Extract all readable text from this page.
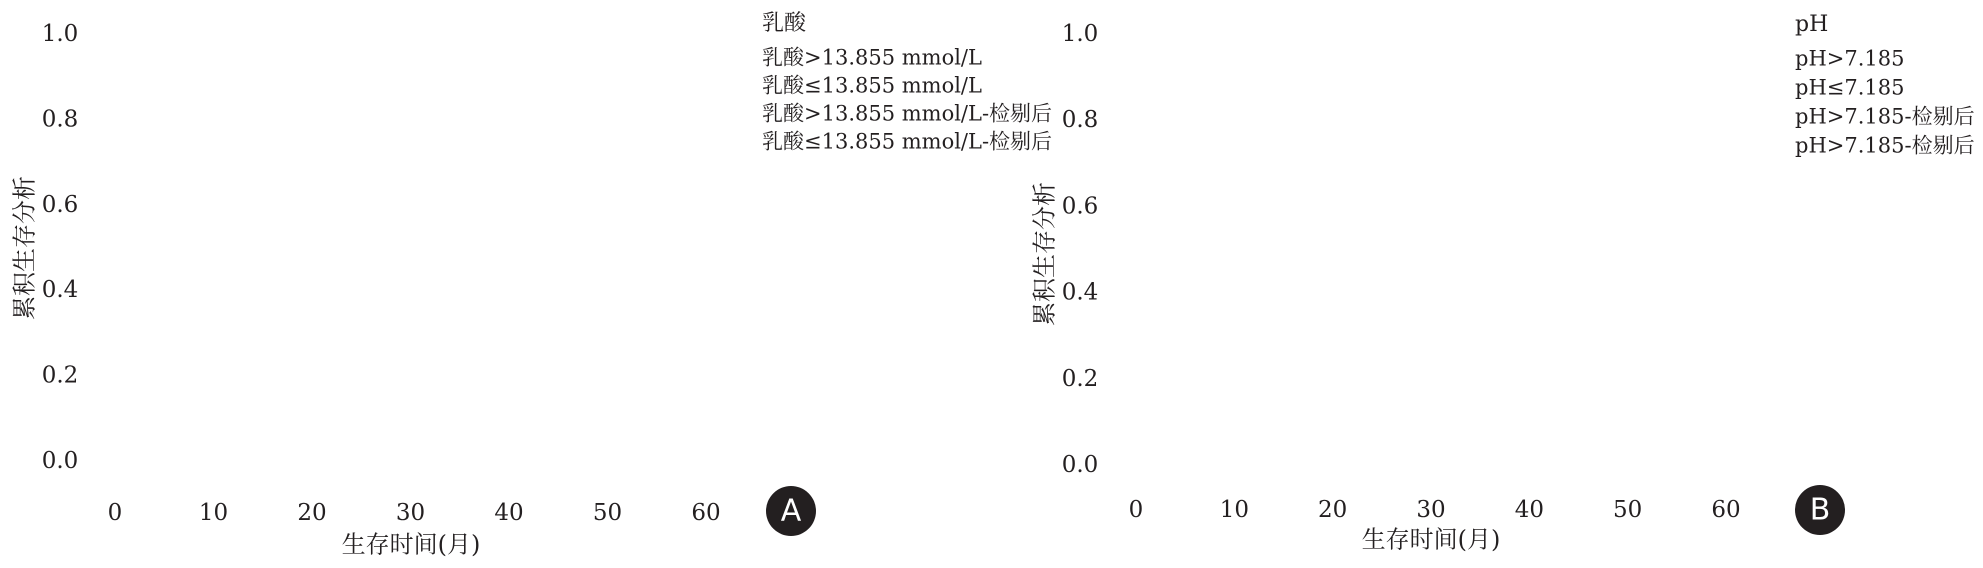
0.0
0.2
0.4
0.6
0.8
1.0
0	10	20	30	40	50	60
累积生存分析
生存时间(月)
乳酸
乳酸>13.855 mmol/L
乳酸≤13.855 mmol/L
乳酸>13.855 mmol/L-检剔后
乳酸≤13.855 mmol/L-检剔后
A
0.0
0.2
0.4
0.6
0.8
1.0
0	10	20	30	40	50	60
累积生存分析
生存时间(月)
pH
pH>7.185
pH≤7.185
pH>7.185-检剔后
pH>7.185-检剔后
B
